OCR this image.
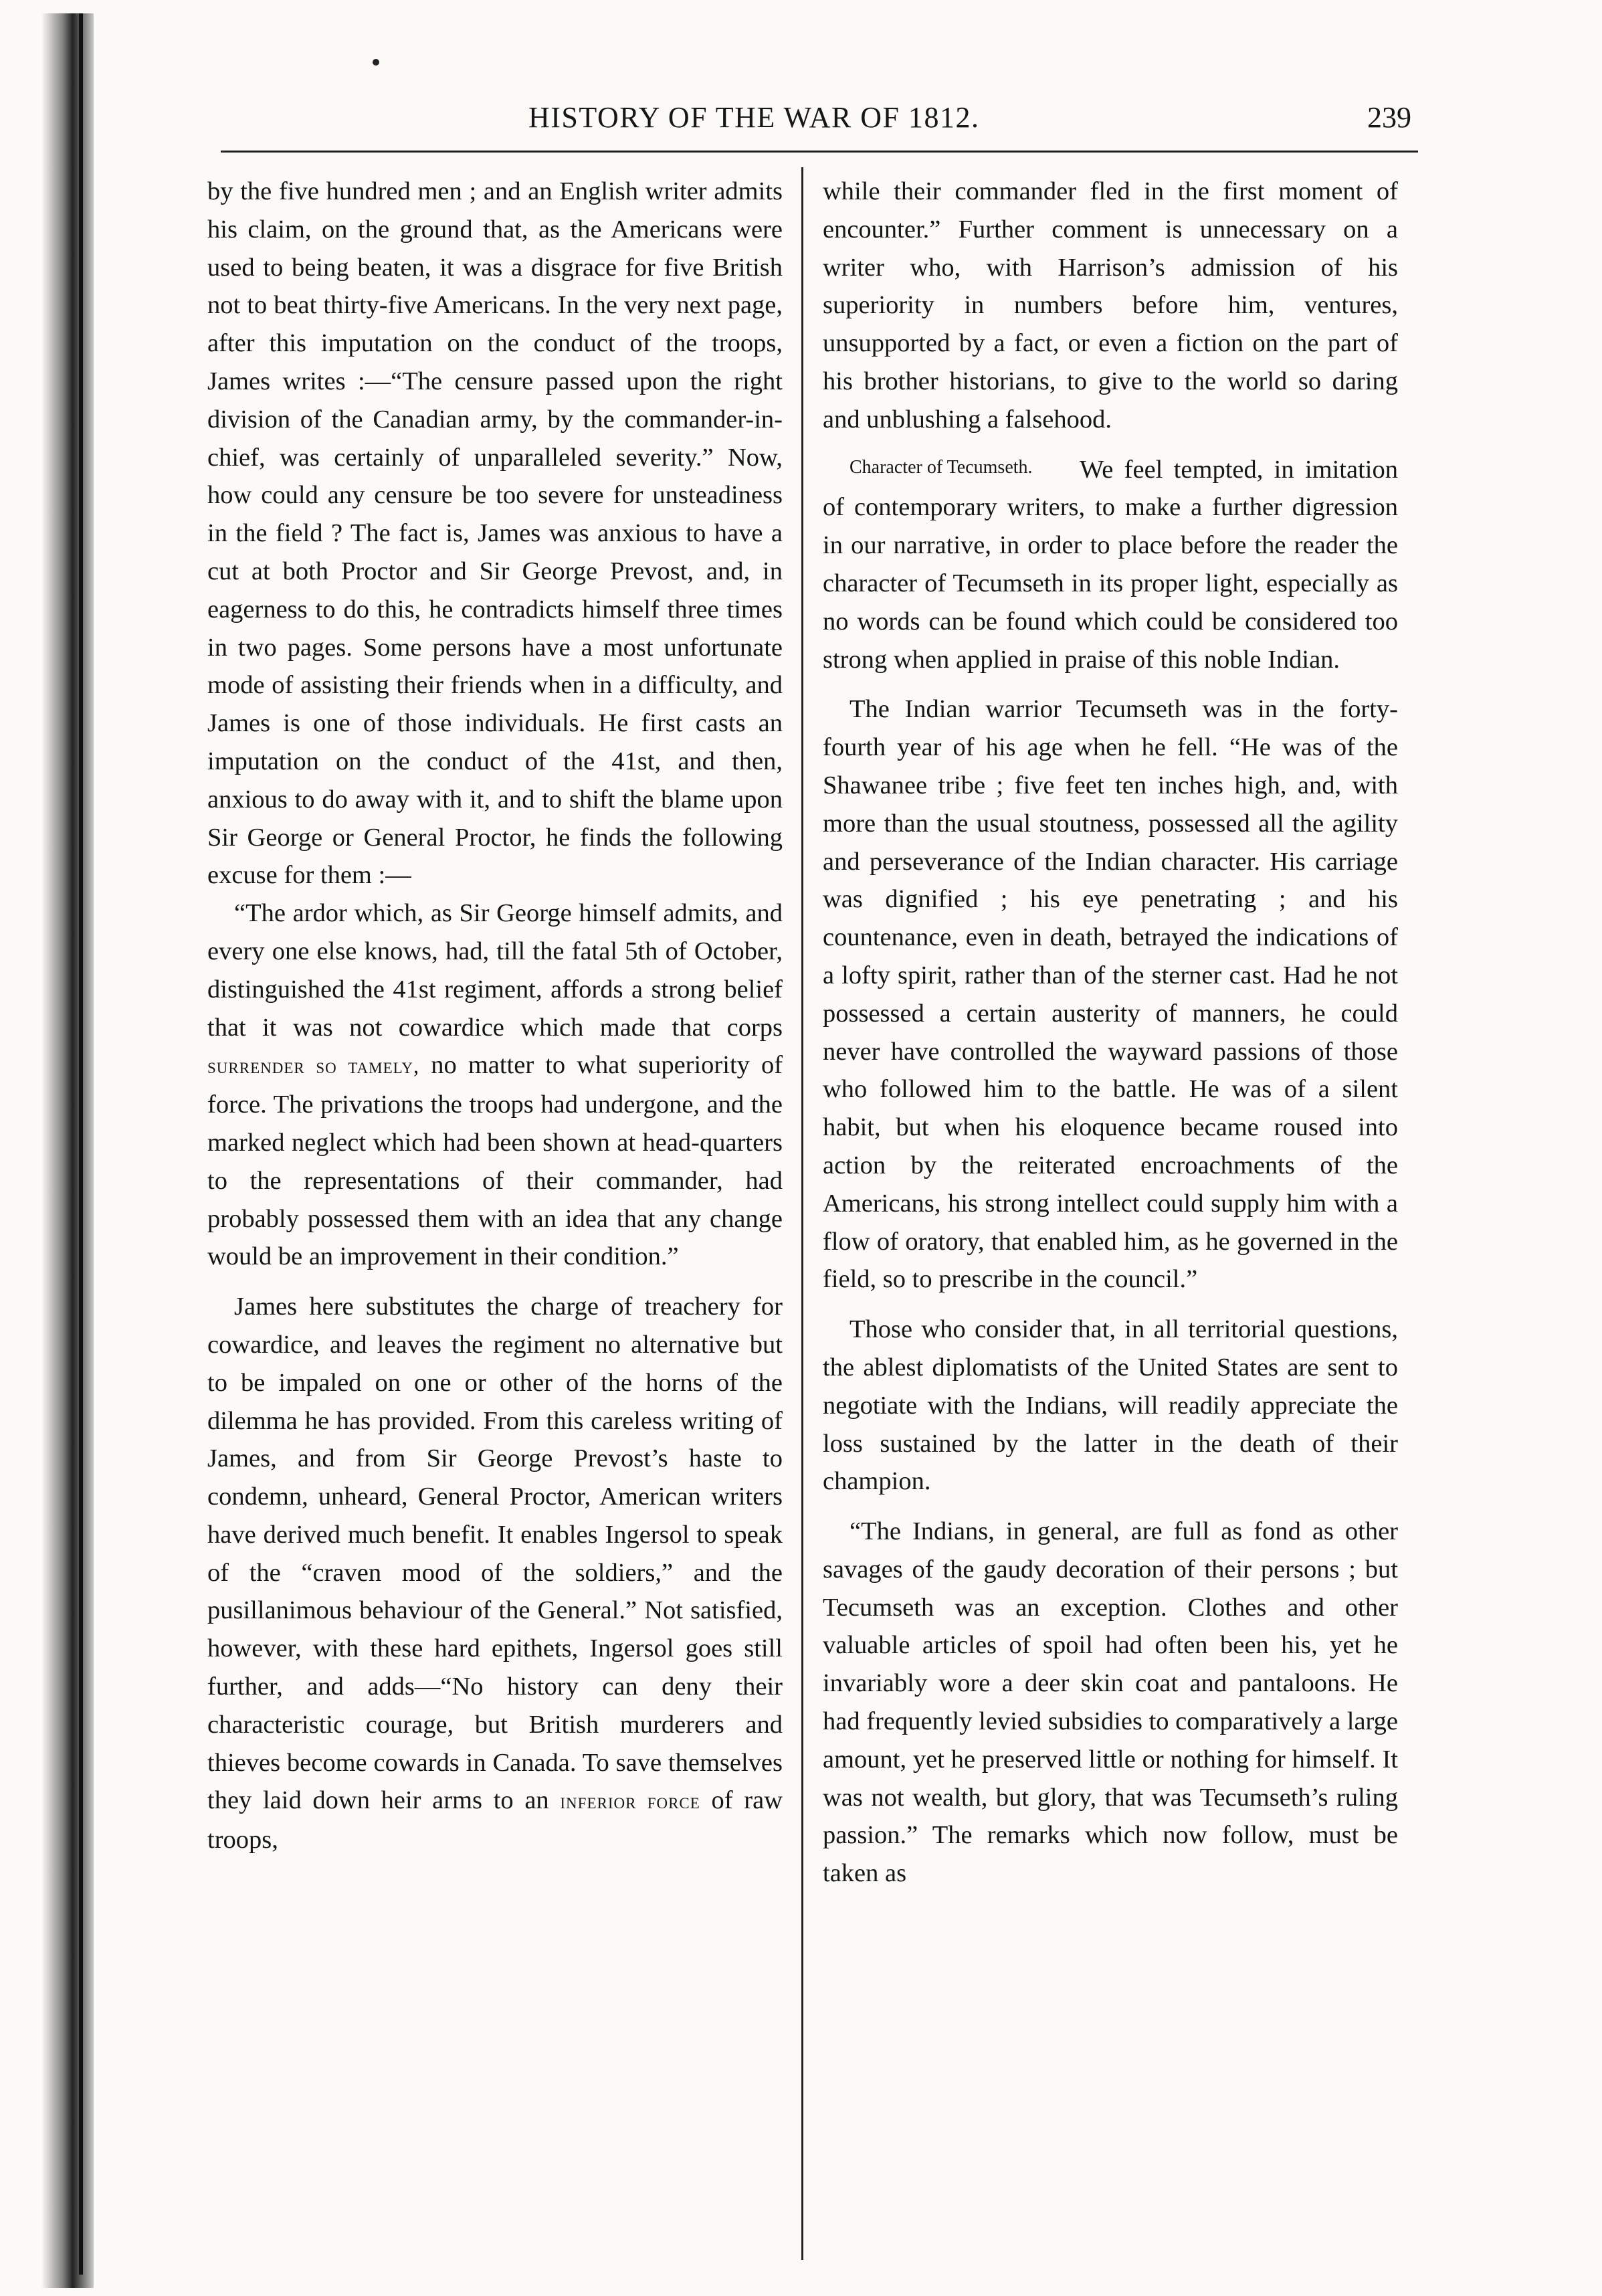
HISTORY OF THE WAR OF 1812.	239

by the five hundred men ; and an English writer admits his claim, on the ground that, as the Americans were used to being beaten, it was a disgrace for five British not to beat thirty-five Americans. In the very next page, after this imputation on the conduct of the troops, James writes :—“The censure passed upon the right division of the Canadian army, by the commander-in-chief, was certainly of unparalleled severity.” Now, how could any censure be too severe for unsteadiness in the field ? The fact is, James was anxious to have a cut at both Proctor and Sir George Prevost, and, in eagerness to do this, he contradicts himself three times in two pages. Some persons have a most unfortunate mode of assisting their friends when in a difficulty, and James is one of those individuals. He first casts an imputation on the conduct of the 41st, and then, anxious to do away with it, and to shift the blame upon Sir George or General Proctor, he finds the following excuse for them :—

“The ardor which, as Sir George himself admits, and every one else knows, had, till the fatal 5th of October, distinguished the 41st regiment, affords a strong belief that it was not cowardice which made that corps surrender so tamely, no matter to what superiority of force. The privations the troops had undergone, and the marked neglect which had been shown at head-quarters to the representations of their commander, had probably possessed them with an idea that any change would be an improvement in their condition.”

James here substitutes the charge of treachery for cowardice, and leaves the regiment no alternative but to be impaled on one or other of the horns of the dilemma he has provided. From this careless writing of James, and from Sir George Prevost’s haste to condemn, unheard, General Proctor, American writers have derived much benefit. It enables Ingersol to speak of the “craven mood of the soldiers,” and the pusillanimous behaviour of the General.” Not satisfied, however, with these hard epithets, Ingersol goes still further, and adds—“No history can deny their characteristic courage, but British murderers and thieves become cowards in Canada. To save themselves they laid down heir arms to an inferior force of raw troops,

while their commander fled in the first moment of encounter.” Further comment is unnecessary on a writer who, with Harrison’s admission of his superiority in numbers before him, ventures, unsupported by a fact, or even a fiction on the part of his brother historians, to give to the world so daring and unblushing a falsehood.

Character of Tecumseth.	We feel tempted, in imitation of contemporary writers, to make a further digression in our narrative, in order to place before the reader the character of Tecumseth in its proper light, especially as no words can be found which could be considered too strong when applied in praise of this noble Indian.

The Indian warrior Tecumseth was in the forty-fourth year of his age when he fell. “He was of the Shawanee tribe ; five feet ten inches high, and, with more than the usual stoutness, possessed all the agility and perseverance of the Indian character. His carriage was dignified ; his eye penetrating ; and his countenance, even in death, betrayed the indications of a lofty spirit, rather than of the sterner cast. Had he not possessed a certain austerity of manners, he could never have controlled the wayward passions of those who followed him to the battle. He was of a silent habit, but when his eloquence became roused into action by the reiterated encroachments of the Americans, his strong intellect could supply him with a flow of oratory, that enabled him, as he governed in the field, so to prescribe in the council.”

Those who consider that, in all territorial questions, the ablest diplomatists of the United States are sent to negotiate with the Indians, will readily appreciate the loss sustained by the latter in the death of their champion.

“The Indians, in general, are full as fond as other savages of the gaudy decoration of their persons ; but Tecumseth was an exception. Clothes and other valuable articles of spoil had often been his, yet he invariably wore a deer skin coat and pantaloons. He had frequently levied subsidies to comparatively a large amount, yet he preserved little or nothing for himself. It was not wealth, but glory, that was Tecumseth’s ruling passion.” The remarks which now follow, must be taken as
